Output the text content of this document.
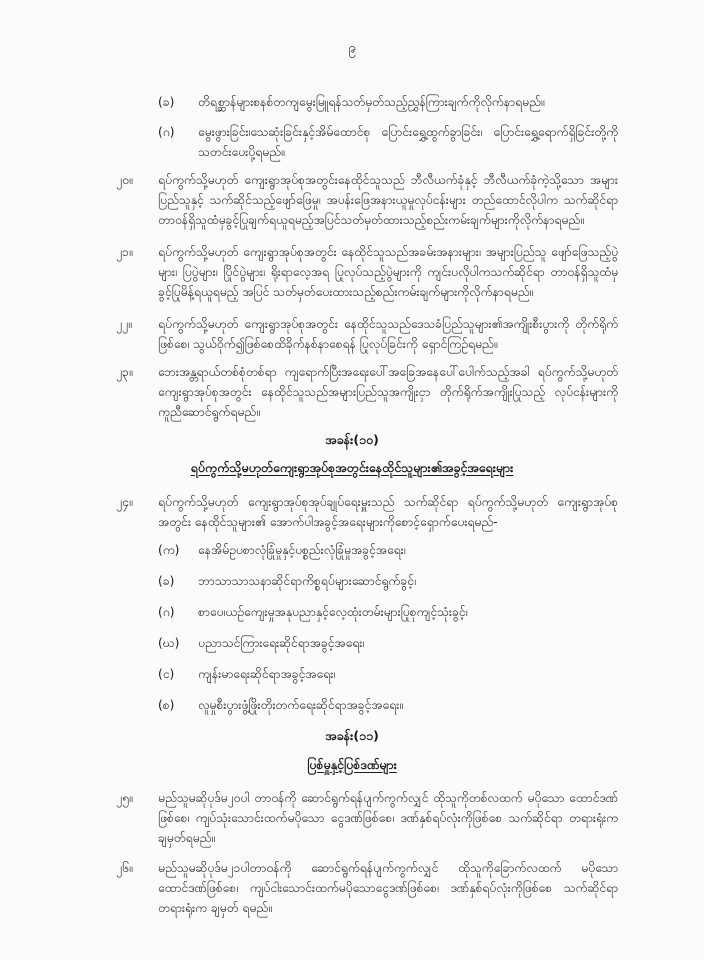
၉
(ခ) တိရစ္ဆာန်များစနစ်တကျမွေးမြူရန်သတ်မှတ်သည့်ညွှန်ကြားချက်ကိုလိုက်နာရမည်။
(ဂ) မွေးဖွားခြင်း၊သေဆုံးခြင်းနှင့်အိမ်ထောင်စု ပြောင်းရွှေ့ထွက်ခွာခြင်း၊ ပြောင်းရွှေ့ရောက်ရှိခြင်းတို့ကို သတင်းပေးပို့ရမည်။
၂၀။ ရပ်ကွက်သို့မဟုတ် ကျေးရွာအုပ်စုအတွင်းနေထိုင်သူသည် ဘီလီယက်ခုံနှင့် ဘီလီယက်ခုံကဲ့သို့သော အများပြည်သူနှင့် သက်ဆိုင်သည့်ဖျော်ဖြေမှု၊ အပန်းဖြေအနားယူမှုလုပ်ငန်းများ တည်ထောင်လိုပါက သက်ဆိုင်ရာ တာဝန်ရှိသူထံမှခွင့်ပြုချက်ရယူရမည့်အပြင်သတ်မှတ်ထားသည့်စည်းကမ်းချက်များကိုလိုက်နာရမည်။
၂၁။ ရပ်ကွက်သို့မဟုတ် ကျေးရွာအုပ်စုအတွင်း နေထိုင်သူသည်အခမ်းအနားများ၊ အများပြည်သူ ဖျော်ဖြေသည့်ပွဲများ၊ ပြပွဲများ၊ ပြိုင်ပွဲများ၊ ရိုးရာလေ့အရ ပြုလုပ်သည့်ပွဲများကို ကျင်းပလိုပါကသက်ဆိုင်ရာ တာဝန်ရှိသူထံမှ ခွင့်ပြုမိန့်ရယူရမည့် အပြင် သတ်မှတ်ပေးထားသည့်စည်းကမ်းချက်များကိုလိုက်နာရမည်။
၂၂။ ရပ်ကွက်သို့မဟုတ် ကျေးရွာအုပ်စုအတွင်း နေထိုင်သူသည်ဒေသခံပြည်သူများ၏အကျိုးစီးပွားကို တိုက်ရိုက်ဖြစ်စေ၊ သွယ်ဝိုက်၍ဖြစ်စေထိခိုက်နစ်နာစေရန် ပြုလုပ်ခြင်းကို ရှောင်ကြဉ်ရမည်။
၂၃။ ဘေးအန္တရာယ်တစ်စုံတစ်ရာ ကျရောက်ပြီးအရေးပေါ်အခြေအနေပေါ်ပေါက်သည့်အခါ ရပ်ကွက်သို့မဟုတ် ကျေးရွာအုပ်စုအတွင်း နေထိုင်သူသည်အများပြည်သူအကျိုးငှာ တိုက်ရိုက်အကျိုးပြုသည့် လုပ်ငန်းများကို ကူညီဆောင်ရွက်ရမည်။
အခန်း(၁၀)
ရပ်ကွက်သို့မဟုတ်ကျေးရွာအုပ်စုအတွင်းနေထိုင်သူများ၏အခွင့်အရေးများ
၂၄။ ရပ်ကွက်သို့မဟုတ် ကျေးရွာအုပ်စုအုပ်ချုပ်ရေးမှူးသည် သက်ဆိုင်ရာ ရပ်ကွက်သို့မဟုတ် ကျေးရွာအုပ်စုအတွင်း နေထိုင်သူများ၏ အောက်ပါအခွင့်အရေးများကိုစောင့်ရှောက်ပေးရမည်-
(က) နေအိမ်ဥပစာလုံခြုံမှုနှင့်ပစ္စည်းလုံခြုံမှုအခွင့်အရေး၊
(ခ) ဘာသာသာသနာဆိုင်ရာကိစ္စရပ်များဆောင်ရွက်ခွင့်၊
(ဂ) စာပေ၊ယဉ်ကျေးမှုအနုပညာနှင့်လေ့ထုံးတမ်းများပြုစုကျင့်သုံးခွင့်၊
(ဃ) ပညာသင်ကြားရေးဆိုင်ရာအခွင့်အရေး၊
(င) ကျန်းမာရေးဆိုင်ရာအခွင့်အရေး၊
(စ) လူမှုစီးပွားဖွံ့ဖြိုးတိုးတက်ရေးဆိုင်ရာအခွင့်အရေး။
အခန်း(၁၁)
ပြစ်မှုနှင့်ပြစ်ဒဏ်များ
၂၅။ မည်သူမဆိုပုဒ်မ၂၀ပါ တာဝန်ကို ဆောင်ရွက်ရန်ပျက်ကွက်လျှင် ထိုသူကိုတစ်လထက် မပိုသော ထောင်ဒဏ်ဖြစ်စေ၊ ကျပ်သုံးသောင်းထက်မပိုသော ငွေဒဏ်ဖြစ်စေ၊ ဒဏ်နှစ်ရပ်လုံးကိုဖြစ်စေ သက်ဆိုင်ရာ တရားရုံးက ချမှတ်ရမည်။
၂၆။ မည်သူမဆိုပုဒ်မ၂၁ပါတာဝန်ကို ဆောင်ရွက်ရန်ပျက်ကွက်လျှင် ထိုသူကိုခြောက်လထက် မပိုသော ထောင်ဒဏ်ဖြစ်စေ၊ ကျပ်ငါးသောင်းထက်မပိုသောငွေဒဏ်ဖြစ်စေ၊ ဒဏ်နှစ်ရပ်လုံးကိုဖြစ်စေ သက်ဆိုင်ရာတရားရုံးက ချမှတ် ရမည်။
